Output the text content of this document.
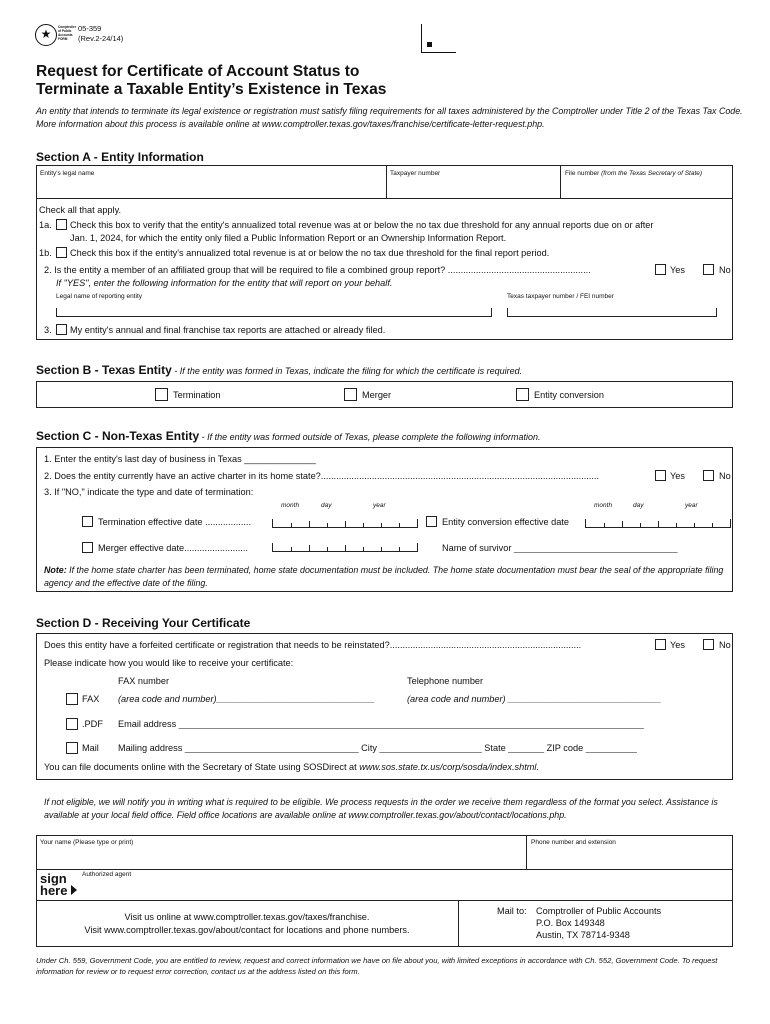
★	Comptroller of Public Accounts FORM
05-359
(Rev.2-24/14)
Request for Certificate of Account Status to
Terminate a Taxable Entity’s Existence in Texas
An entity that intends to terminate its legal existence or registration must satisfy filing requirements for all taxes administered by the Comptroller under Title 2 of the Texas Tax Code. More information about this process is available online at www.comptroller.texas.gov/taxes/franchise/certificate-letter-request.php.
Section A - Entity Information
Entity's legal name	Taxpayer number	File number (from the Texas Secretary of State)
Check all that apply.
1a. Check this box to verify that the entity's annualized total revenue was at or below the no tax due threshold for any annual reports due on or after
Jan. 1, 2024, for which the entity only filed a Public Information Report or an Ownership Information Report.
1b. Check this box if the entity's annualized total revenue is at or below the no tax due threshold for the final report period.
2. Is the entity a member of an affiliated group that will be required to file a combined group report? ........................................................	Yes	No
If "YES", enter the following information for the entity that will report on your behalf.
Legal name of reporting entity	Texas taxpayer number / FEI number
3. My entity's annual and final franchise tax reports are attached or already filed.
Section B - Texas Entity - If the entity was formed in Texas, indicate the filing for which the certificate is required.
Termination	Merger	Entity conversion
Section C - Non-Texas Entity - If the entity was formed outside of Texas, please complete the following information.
1. Enter the entity's last day of business in Texas ______________
2. Does the entity currently have an active charter in its home state?.............................................................................................................	Yes	No
3. If "NO," indicate the type and date of termination:
month	day	year	month	day	year
Termination effective date ..................	Entity conversion effective date
Merger effective date.........................	Name of survivor ________________________________
Note: If the home state charter has been terminated, home state documentation must be included. The home state documentation must bear the seal of the appropriate filing agency and the effective date of the filing.
Section D - Receiving Your Certificate
Does this entity have a forfeited certificate or registration that needs to be reinstated?...........................................................................	Yes	No
Please indicate how you would like to receive your certificate:
FAX number	Telephone number
FAX (area code and number)_______________________________	(area code and number) ______________________________
.PDF Email address ___________________________________________________________________________________________
Mail Mailing address __________________________________ City ____________________ State _______ ZIP code __________
You can file documents online with the Secretary of State using SOSDirect at www.sos.state.tx.us/corp/sosda/index.shtml.
If not eligible, we will notify you in writing what is required to be eligible. We process requests in the order we receive them regardless of the format you select. Assistance is available at your local field office. Field office locations are available online at www.comptroller.texas.gov/about/contact/locations.php.
Your name (Please type or print)	Phone number and extension
sign
here
Authorized agent
Visit us online at www.comptroller.texas.gov/taxes/franchise.
Visit www.comptroller.texas.gov/about/contact for locations and phone numbers.
Mail to: Comptroller of Public Accounts
P.O. Box 149348
Austin, TX 78714-9348
Under Ch. 559, Government Code, you are entitled to review, request and correct information we have on file about you, with limited exceptions in accordance with Ch. 552, Government Code. To request information for review or to request error correction, contact us at the address listed on this form.
